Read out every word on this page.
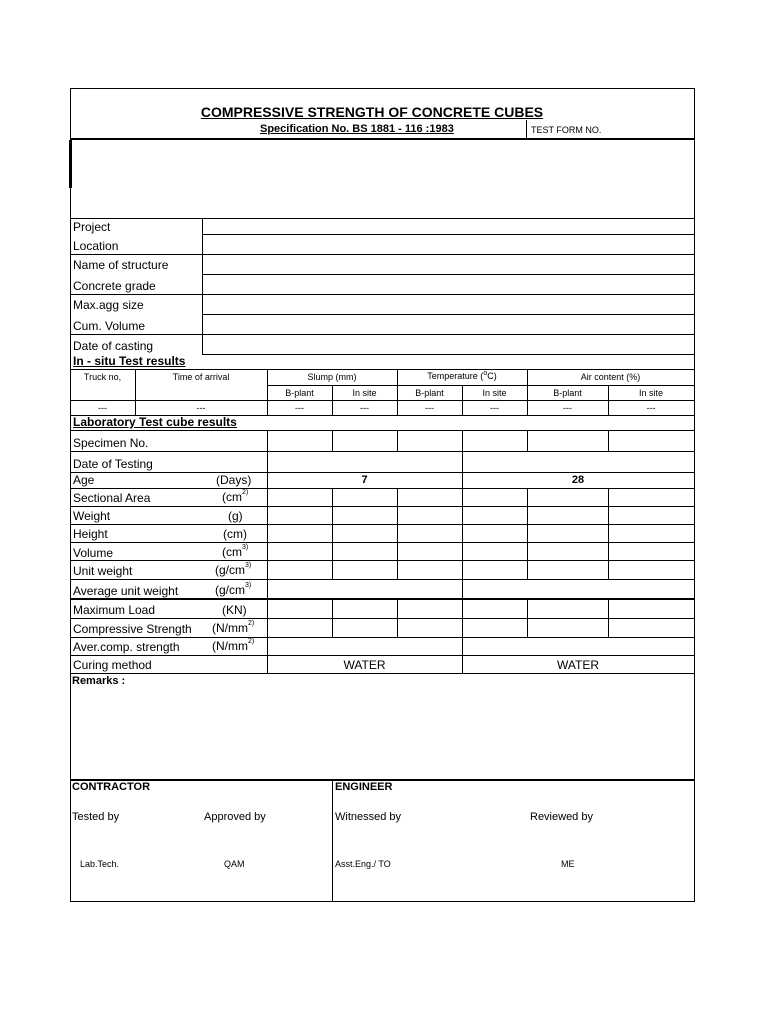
COMPRESSIVE STRENGTH OF CONCRETE CUBES
Specification No. BS 1881 - 116 :1983	TEST FORM NO.
Project
Location
Name of structure
Concrete grade
Max.agg size
Cum. Volume
Date of casting
In - situ Test results
Truck no,	Time of arrival	Slump (mm)	Temperature ($^o$C)	Air content (%)
B-plant	In site	B-plant	In site	B-plant	In site
---	---	---	---	---	---	---	---
Laboratory Test cube results
Specimen No.
Date of Testing
Age	(Days)	7	28
Sectional Area	($cm^{2)}$
Weight	(g)
Height	(cm)
Volume	($cm^{3)}$
Unit weight	($g/cm^{3)}$
Average unit weight	($g/cm^{3)}$
Maximum Load	(KN)
Compressive Strength ($N/mm^{2)}$
Aver.comp. strength	($N/mm^{2)}$
Curing method	WATER	WATER
Remarks :
CONTRACTOR	ENGINEER
Tested by	Approved by	Witnessed by	Reviewed by
Lab.Tech.	QAM	Asst.Eng./ TO	ME
